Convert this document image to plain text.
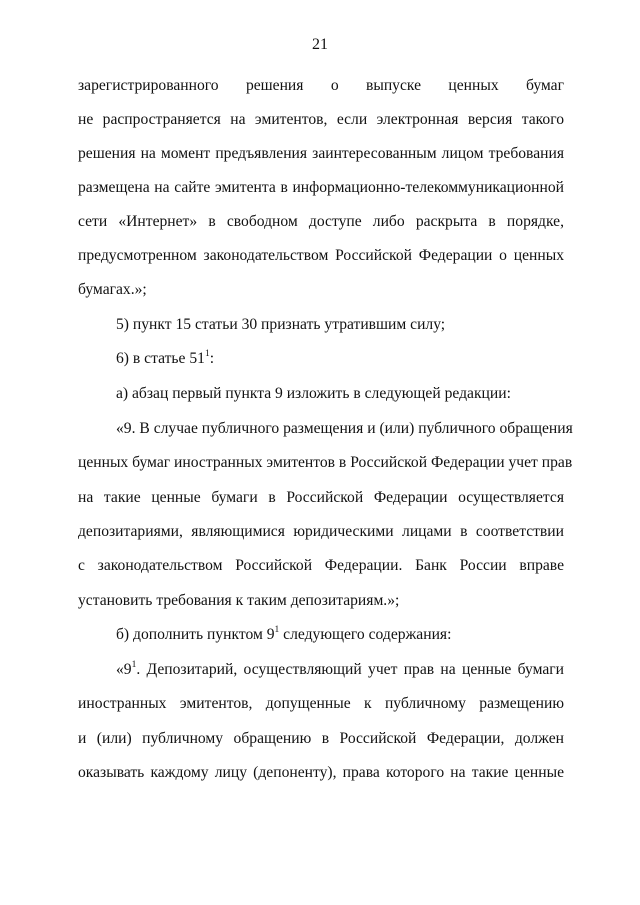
21
зарегистрированного решения о выпуске ценных бумаг
не распространяется на эмитентов, если электронная версия такого
решения на момент предъявления заинтересованным лицом требования
размещена на сайте эмитента в информационно-телекоммуникационной
сети «Интернет» в свободном доступе либо раскрыта в порядке,
предусмотренном законодательством Российской Федерации о ценных
бумагах.»;
5) пункт 15 статьи 30 признать утратившим силу;
6) в статье $51^1$:
а) абзац первый пункта 9 изложить в следующей редакции:
«9. В случае публичного размещения и (или) публичного обращения
ценных бумаг иностранных эмитентов в Российской Федерации учет прав
на такие ценные бумаги в Российской Федерации осуществляется
депозитариями, являющимися юридическими лицами в соответствии
с законодательством Российской Федерации. Банк России вправе
установить требования к таким депозитариям.»;
б) дополнить пунктом $9^1$ следующего содержания:
«$9^1$. Депозитарий, осуществляющий учет прав на ценные бумаги
иностранных эмитентов, допущенные к публичному размещению
и (или) публичному обращению в Российской Федерации, должен
оказывать каждому лицу (депоненту), права которого на такие ценные
